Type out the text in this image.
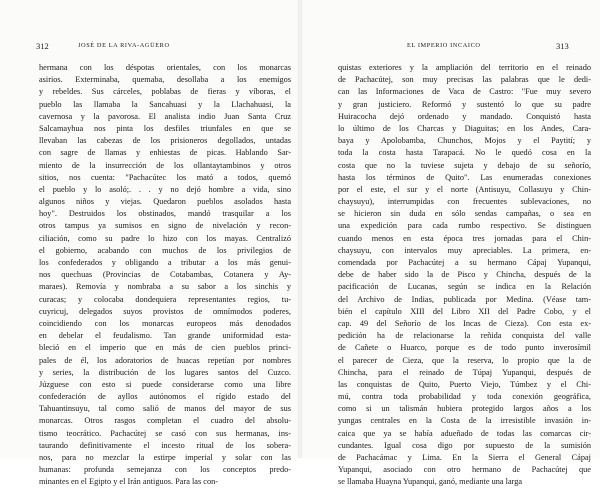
312	JOSÉ DE LA RIVA-AGÜERO
hermana con los déspotas orientales, con los monarcas
asirios. Exterminaba, quemaba, desollaba a los enemigos
y rebeldes. Sus cárceles, poblabas de fieras y víboras, el
pueblo las llamaba la Sancahuasi y la Llachahuasi, la
cavernosa y la pavorosa. El analista indio Juan Santa Cruz
Salcamayhua nos pinta los desfiles triunfales en que se
llevaban las cabezas de los prisioneros degollados, untadas
con sagre de llamas y enhiestas de picas. Hablando Sar-
miento de la insurrección de los ollantaytambinos y otros
sitios, nos cuenta: "Pachacútec los mató a todos, quemó
el pueblo y lo asoló;. . . y no dejó hombre a vida, sino
algunos niños y viejas. Quedaron pueblos asolados hasta
hoy". Destruidos los obstinados, mandó trasquilar a los
otros tampus ya sumisos en signo de nivelación y recon-
ciliación, como su padre lo hizo con los mayas. Centralizó
el gobierno, acabando con muchos de los privilegios de
los confederados y obligando a tributar a los más genui-
nos quechuas (Provincias de Cotabambas, Cotanera y Ay-
maraes). Removía y nombraba a su sabor a los sinchis y
curacas; y colocaba dondequiera representantes regios, tu-
cuyricuj, delegados suyos provistos de omnímodos poderes,
coincidiendo con los monarcas europeos más denodados
en debelar el feudalismo. Tan grande uniformidad esta-
bleció en el imperio que en más de cien pueblos princi-
pales de él, los adoratorios de huacas repetían por nombres
y series, la distribución de los lugares santos del Cuzco.
Júzguese con esto si puede considerarse como una libre
confederación de ayllos autónomos el rígido estado del
Tahuantinsuyu, tal como salió de manos del mayor de sus
monarcas. Otros rasgos completan el cuadro del absolu-
tismo teocrático. Pachacútej se casó con sus hermanas, ins-
taurando definitivamente el incesto ritual de los sobera-
nos, para no mezclar la estirpe imperial y solar con las
humanas: profunda semejanza con los conceptos predo-
minantes en el Egipto y el Irán antiguos. Para las con-
EL IMPERIO INCAICO	313
quistas exteriores y la ampliación del territorio en el reinado
de Pachacútej, son muy precisas las palabras que le dedi-
can las Informaciones de Vaca de Castro: "Fue muy severo
y gran justiciero. Reformó y sustentó lo que su padre
Huiracocha dejó ordenado y mandado. Conquistó hasta
lo último de los Charcas y Diaguitas; en los Andes, Cara-
baya y Apolobamba, Chunchos, Mojos y el Paytití; y
toda la costa hasta Tarapacá. No le quedó cosa en la
costa que no la tuviese sujeta y debajo de su señorío,
hasta los términos de Quito". Las enumeradas conexiones
por el este, el sur y el norte (Antisuyu, Collasuyu y Chin-
chaysuyu), interrumpidas con frecuentes sublevaciones, no
se hicieron sin duda en sólo sendas campañas, o sea en
una expedición para cada rumbo respectivo. Se distinguen
cuando menos en esta época tres jornadas para el Chin-
chaysuyu, con intervalos muy apreciables. La primera, en-
comendada por Pachacútej a su hermano Cápaj Yupanqui,
debe de haber sido la de Pisco y Chincha, después de la
pacificación de Lucanas, según se indica en la Relación
del Archivo de Indias, publicada por Medina. (Véase tam-
bién el capítulo XIII del Libro XII del Padre Cobo, y el
cap. 49 del Señorío de los Incas de Cieza). Con esta ex-
pedición ha de relacionarse la reñida conquista del valle
de Cañete o Huarco, porque es de todo punto inverosímil
el parecer de Cieza, que la reserva, lo propio que la de
Chincha, para el reinado de Túpaj Yupanqui, después de
las conquistas de Quito, Puerto Viejo, Túmbez y el Chi-
mú, contra toda probabilidad y toda conexión geográfica,
como si un talismán hubiera protegido largos años a los
yungas centrales en la Costa de la irresistible invasión in-
caica que ya se había adueñado de todas las comarcas cir-
cundantes. Igual cosa digo por supuesto de la sumisión
de Pachacámac y Lima. En la Sierra el General Cápaj
Yupanqui, asociado con otro hermano de Pachacútej que
se llamaba Huayna Yupanqui, ganó, mediante una larga
